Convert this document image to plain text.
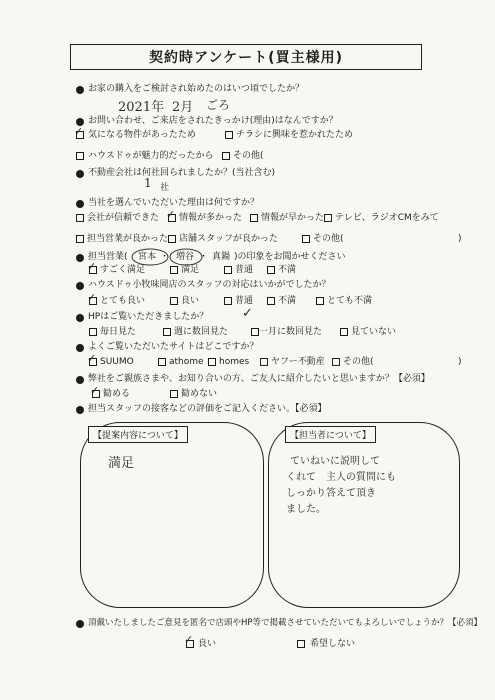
契約時アンケート(買主様用)
お家の購入をご検討され始めたのはいつ頃でしたか？
2021年 2月 ごろ
お問い合わせ、ご来店をされたきっかけ(理由)はなんですか？
✓ 気になる物件があったため	チラシに興味を惹かれたため
ハウスドゥが魅力的だったから その他(
不動産会社は何社回られましたか？(当社含む)
1 社
当社を選んでいただいた理由は何ですか？
会社が信頼できた ✓ 情報が多かった 情報が早かった テレビ、ラジオCMをみて
担当営業が良かった 店舗スタッフが良かった	その他(	)
担当営業( 宮本 ・ 増谷 ・ 真鍋 )の印象をお聞かせください
✓ すごく満足	満足	普通	不満
ハウスドゥ小牧味岡店のスタッフの対応はいかがでしたか？
✓ とても良い	良い	普通	不満	とても不満
HPはご覧いただきましたか？	✓
毎日見た	週に数回見た	一月に数回見た	見ていない
よくご覧いただいたサイトはどこですか？
✓ SUUMO	athome homes ヤフー不動産 その他(	)
弊社をご親族さまや、お知り合いの方、ご友人に紹介したいと思いますか？【必須】
✓ 勧める	勧めない
担当スタッフの接客などの評価をご記入ください。【必須】
【提案内容について】
満足
【担当者について】
ていねいに説明して
くれて　主人の質問にも
しっかり答えて頂き
ました。
頂戴いたしましたご意見を匿名で店頭やHP等で掲載させていただいてもよろしいでしょうか？【必須】
✓ 良い	希望しない
